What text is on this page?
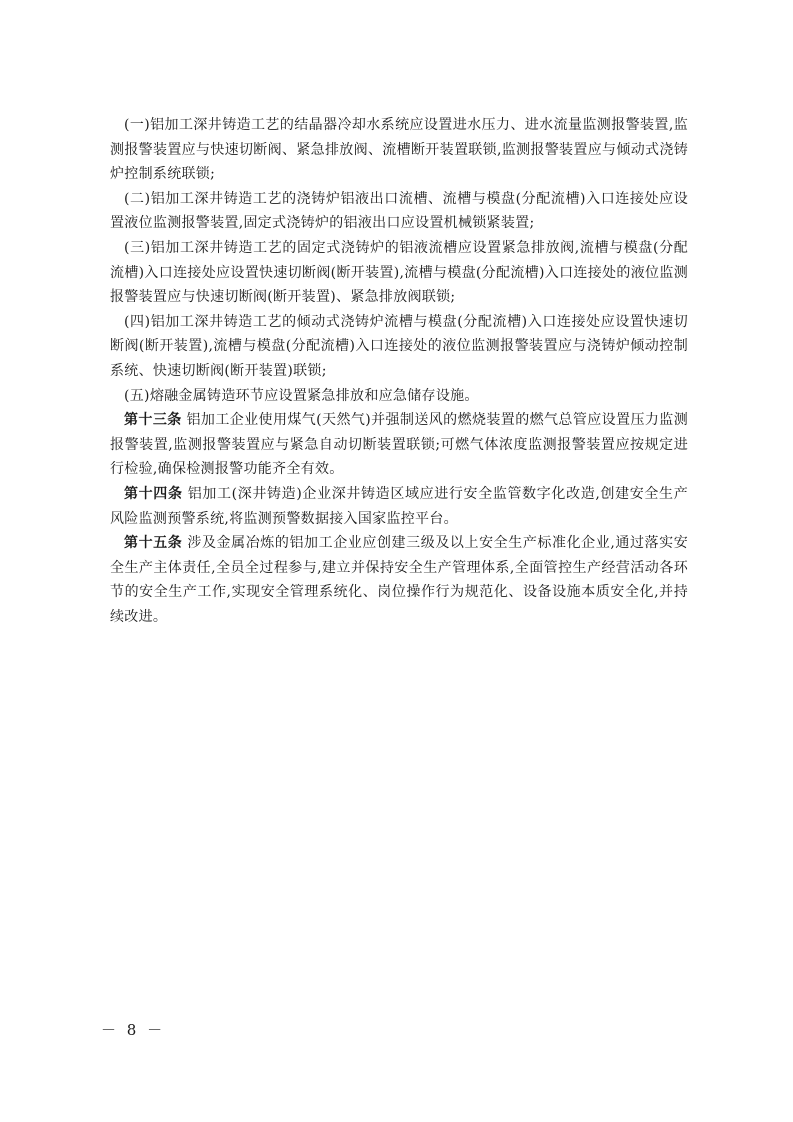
(一)铝加工深井铸造工艺的结晶器冷却水系统应设置进水压力、进水流量监测报警装置,监测报警装置应与快速切断阀、紧急排放阀、流槽断开装置联锁,监测报警装置应与倾动式浇铸炉控制系统联锁;

(二)铝加工深井铸造工艺的浇铸炉铝液出口流槽、流槽与模盘(分配流槽)入口连接处应设置液位监测报警装置,固定式浇铸炉的铝液出口应设置机械锁紧装置;

(三)铝加工深井铸造工艺的固定式浇铸炉的铝液流槽应设置紧急排放阀,流槽与模盘(分配流槽)入口连接处应设置快速切断阀(断开装置),流槽与模盘(分配流槽)入口连接处的液位监测报警装置应与快速切断阀(断开装置)、紧急排放阀联锁;

(四)铝加工深井铸造工艺的倾动式浇铸炉流槽与模盘(分配流槽)入口连接处应设置快速切断阀(断开装置),流槽与模盘(分配流槽)入口连接处的液位监测报警装置应与浇铸炉倾动控制系统、快速切断阀(断开装置)联锁;

(五)熔融金属铸造环节应设置紧急排放和应急储存设施。

第十三条 铝加工企业使用煤气(天然气)并强制送风的燃烧装置的燃气总管应设置压力监测报警装置,监测报警装置应与紧急自动切断装置联锁;可燃气体浓度监测报警装置应按规定进行检验,确保检测报警功能齐全有效。

第十四条 铝加工(深井铸造)企业深井铸造区域应进行安全监管数字化改造,创建安全生产风险监测预警系统,将监测预警数据接入国家监控平台。

第十五条 涉及金属冶炼的铝加工企业应创建三级及以上安全生产标准化企业,通过落实安全生产主体责任,全员全过程参与,建立并保持安全生产管理体系,全面管控生产经营活动各环节的安全生产工作,实现安全管理系统化、岗位操作行为规范化、设备设施本质安全化,并持续改进。

－ 8 －
